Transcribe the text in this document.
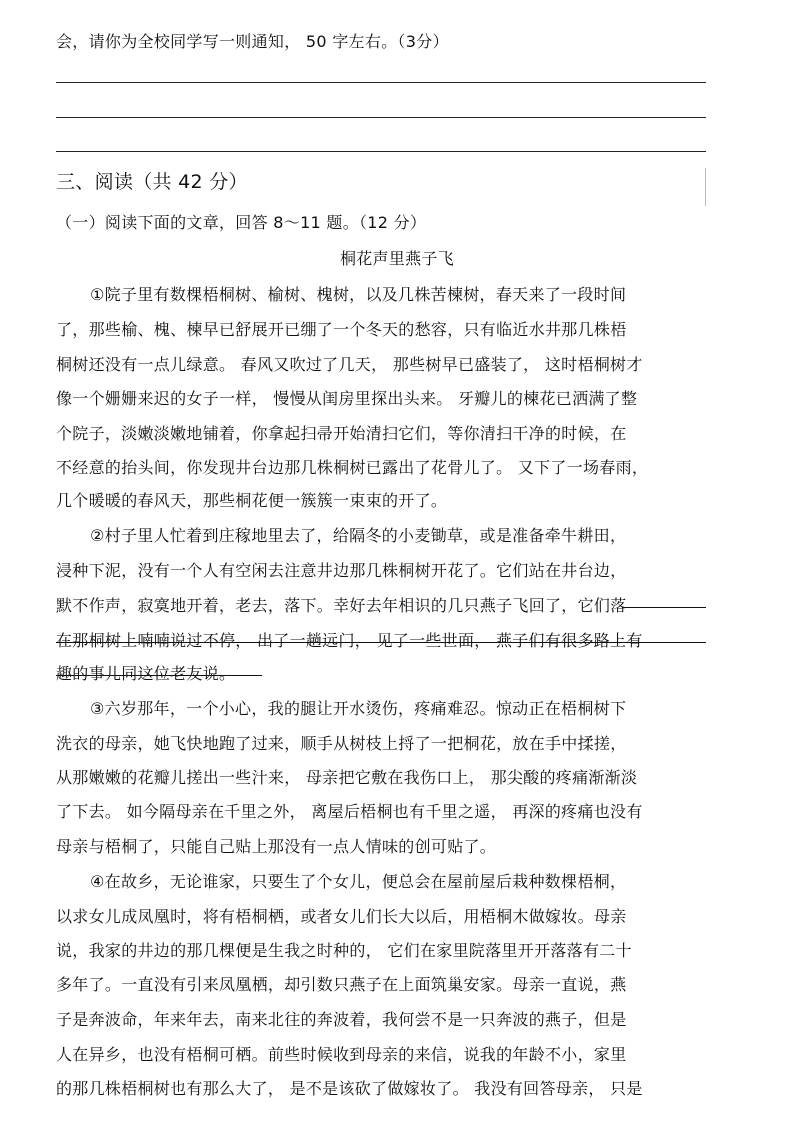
会，请你为全校同学写一则通知， 50 字左右。（3分）
三、阅读（共 42 分）
（一）阅读下面的文章，回答 8～11 题。（12 分）
桐花声里燕子飞
①院子里有数棵梧桐树、榆树、槐树，以及几株苦楝树，春天来了一段时间
了，那些榆、槐、楝早已舒展开已绷了一个冬天的愁容，只有临近水井那几株梧
桐树还没有一点儿绿意。 春风又吹过了几天， 那些树早已盛装了， 这时梧桐树才
像一个姗姗来迟的女子一样， 慢慢从闺房里探出头来。 牙瓣儿的楝花已洒满了整
个院子，淡嫩淡嫩地铺着，你拿起扫帚开始清扫它们，等你清扫干净的时候，在
不经意的抬头间，你发现井台边那几株桐树已露出了花骨儿了。 又下了一场春雨，
几个暖暖的春风天，那些桐花便一簇簇一束束的开了。
②村子里人忙着到庄稼地里去了，给隔冬的小麦锄草，或是准备牵牛耕田，
浸种下泥，没有一个人有空闲去注意井边那几株桐树开花了。它们站在井台边，
默不作声，寂寞地开着，老去，落下。幸好去年相识的几只燕子飞回了，它们落
在那桐树上喃喃说过不停， 出了一趟远门， 见了一些世面， 燕子们有很多路上有
趣的事儿同这位老友说。
③六岁那年，一个小心，我的腿让开水烫伤，疼痛难忍。惊动正在梧桐树下
洗衣的母亲，她飞快地跑了过来，顺手从树枝上捋了一把桐花，放在手中揉搓，
从那嫩嫩的花瓣儿搓出一些汁来， 母亲把它敷在我伤口上， 那尖酸的疼痛渐渐淡
了下去。 如今隔母亲在千里之外， 离屋后梧桐也有千里之遥， 再深的疼痛也没有
母亲与梧桐了，只能自己贴上那没有一点人情味的创可贴了。
④在故乡，无论谁家，只要生了个女儿，便总会在屋前屋后栽种数棵梧桐，
以求女儿成凤凰时，将有梧桐栖，或者女儿们长大以后，用梧桐木做嫁妆。母亲
说，我家的井边的那几棵便是生我之时种的， 它们在家里院落里开开落落有二十
多年了。一直没有引来凤凰栖，却引数只燕子在上面筑巢安家。母亲一直说，燕
子是奔波命，年来年去，南来北往的奔波着，我何尝不是一只奔波的燕子，但是
人在异乡，也没有梧桐可栖。前些时候收到母亲的来信，说我的年龄不小，家里
的那几株梧桐树也有那么大了， 是不是该砍了做嫁妆了。 我没有回答母亲， 只是
